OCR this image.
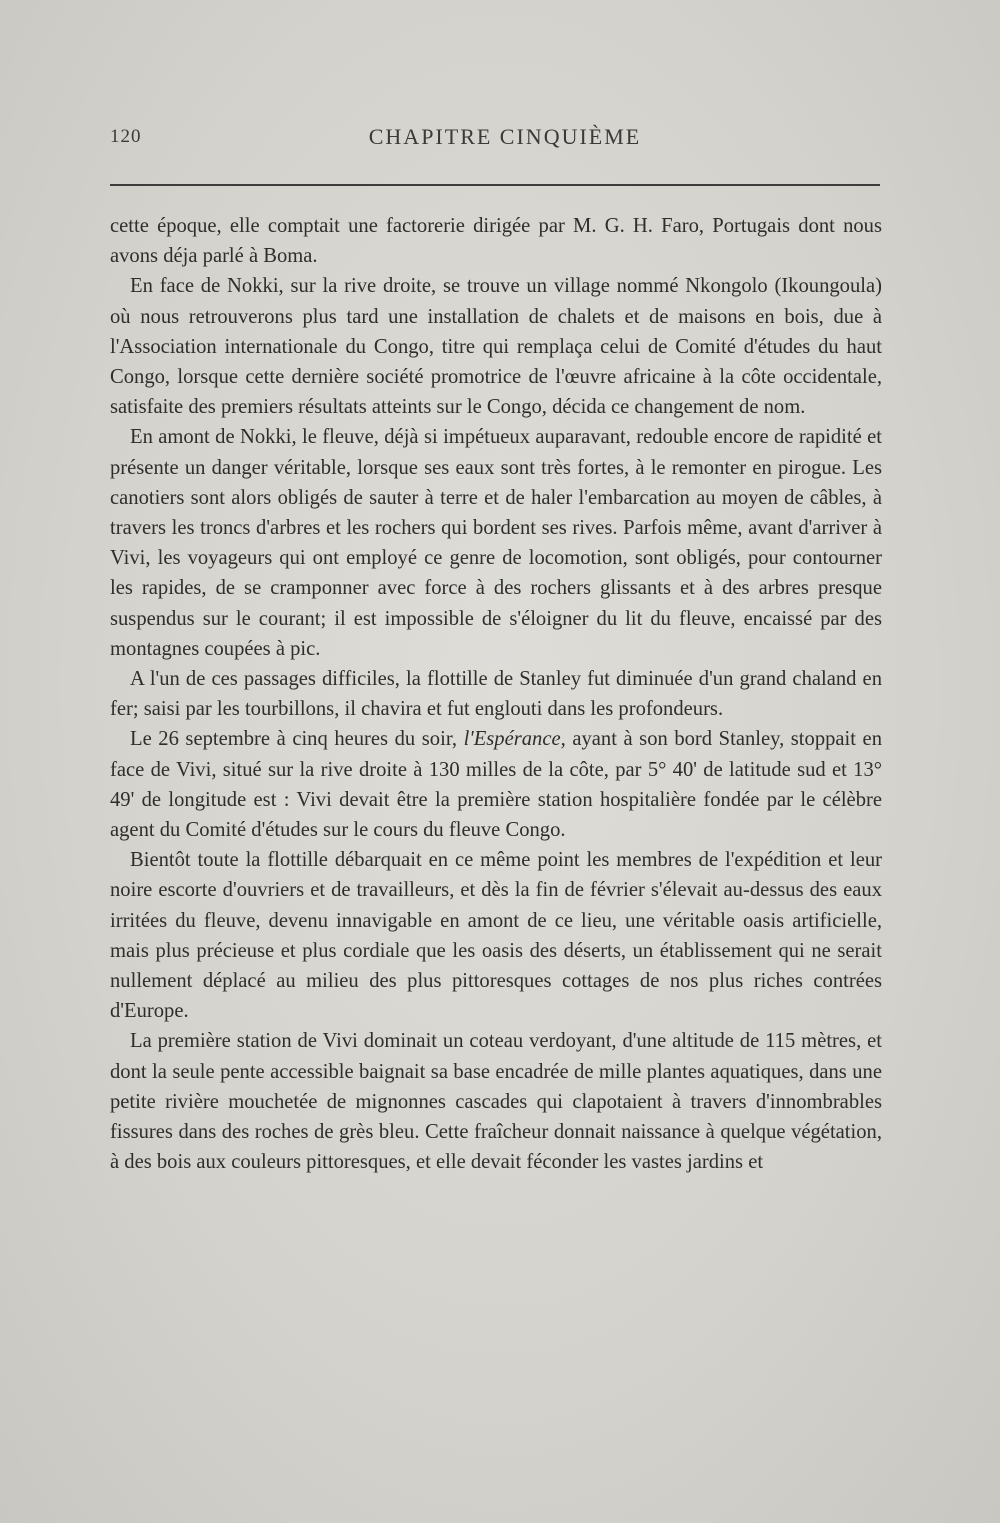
120	CHAPITRE CINQUIÈME

cette époque, elle comptait une factorerie dirigée par M. G. H. Faro, Portugais dont nous avons déja parlé à Boma.

En face de Nokki, sur la rive droite, se trouve un village nommé Nkongolo (Ikoungoula) où nous retrouverons plus tard une installation de chalets et de maisons en bois, due à l'Association internationale du Congo, titre qui remplaça celui de Comité d'études du haut Congo, lorsque cette dernière société promotrice de l'œuvre africaine à la côte occidentale, satisfaite des premiers résultats atteints sur le Congo, décida ce changement de nom.

En amont de Nokki, le fleuve, déjà si impétueux auparavant, redouble encore de rapidité et présente un danger véritable, lorsque ses eaux sont très fortes, à le remonter en pirogue. Les canotiers sont alors obligés de sauter à terre et de haler l'embarcation au moyen de câbles, à travers les troncs d'arbres et les rochers qui bordent ses rives. Parfois même, avant d'arriver à Vivi, les voyageurs qui ont employé ce genre de locomotion, sont obligés, pour contourner les rapides, de se cramponner avec force à des rochers glissants et à des arbres presque suspendus sur le courant; il est impossible de s'éloigner du lit du fleuve, encaissé par des montagnes coupées à pic.

A l'un de ces passages difficiles, la flottille de Stanley fut diminuée d'un grand chaland en fer; saisi par les tourbillons, il chavira et fut englouti dans les profondeurs.

Le 26 septembre à cinq heures du soir, l'Espérance, ayant à son bord Stanley, stoppait en face de Vivi, situé sur la rive droite à 130 milles de la côte, par 5° 40' de latitude sud et 13° 49' de longitude est : Vivi devait être la première station hospitalière fondée par le célèbre agent du Comité d'études sur le cours du fleuve Congo.

Bientôt toute la flottille débarquait en ce même point les membres de l'expédition et leur noire escorte d'ouvriers et de travailleurs, et dès la fin de février s'élevait au-dessus des eaux irritées du fleuve, devenu innavigable en amont de ce lieu, une véritable oasis artificielle, mais plus précieuse et plus cordiale que les oasis des déserts, un établissement qui ne serait nullement déplacé au milieu des plus pittoresques cottages de nos plus riches contrées d'Europe.

La première station de Vivi dominait un coteau verdoyant, d'une altitude de 115 mètres, et dont la seule pente accessible baignait sa base encadrée de mille plantes aquatiques, dans une petite rivière mouchetée de mignonnes cascades qui clapotaient à travers d'innombrables fissures dans des roches de grès bleu. Cette fraîcheur donnait naissance à quelque végétation, à des bois aux couleurs pittoresques, et elle devait féconder les vastes jardins et
